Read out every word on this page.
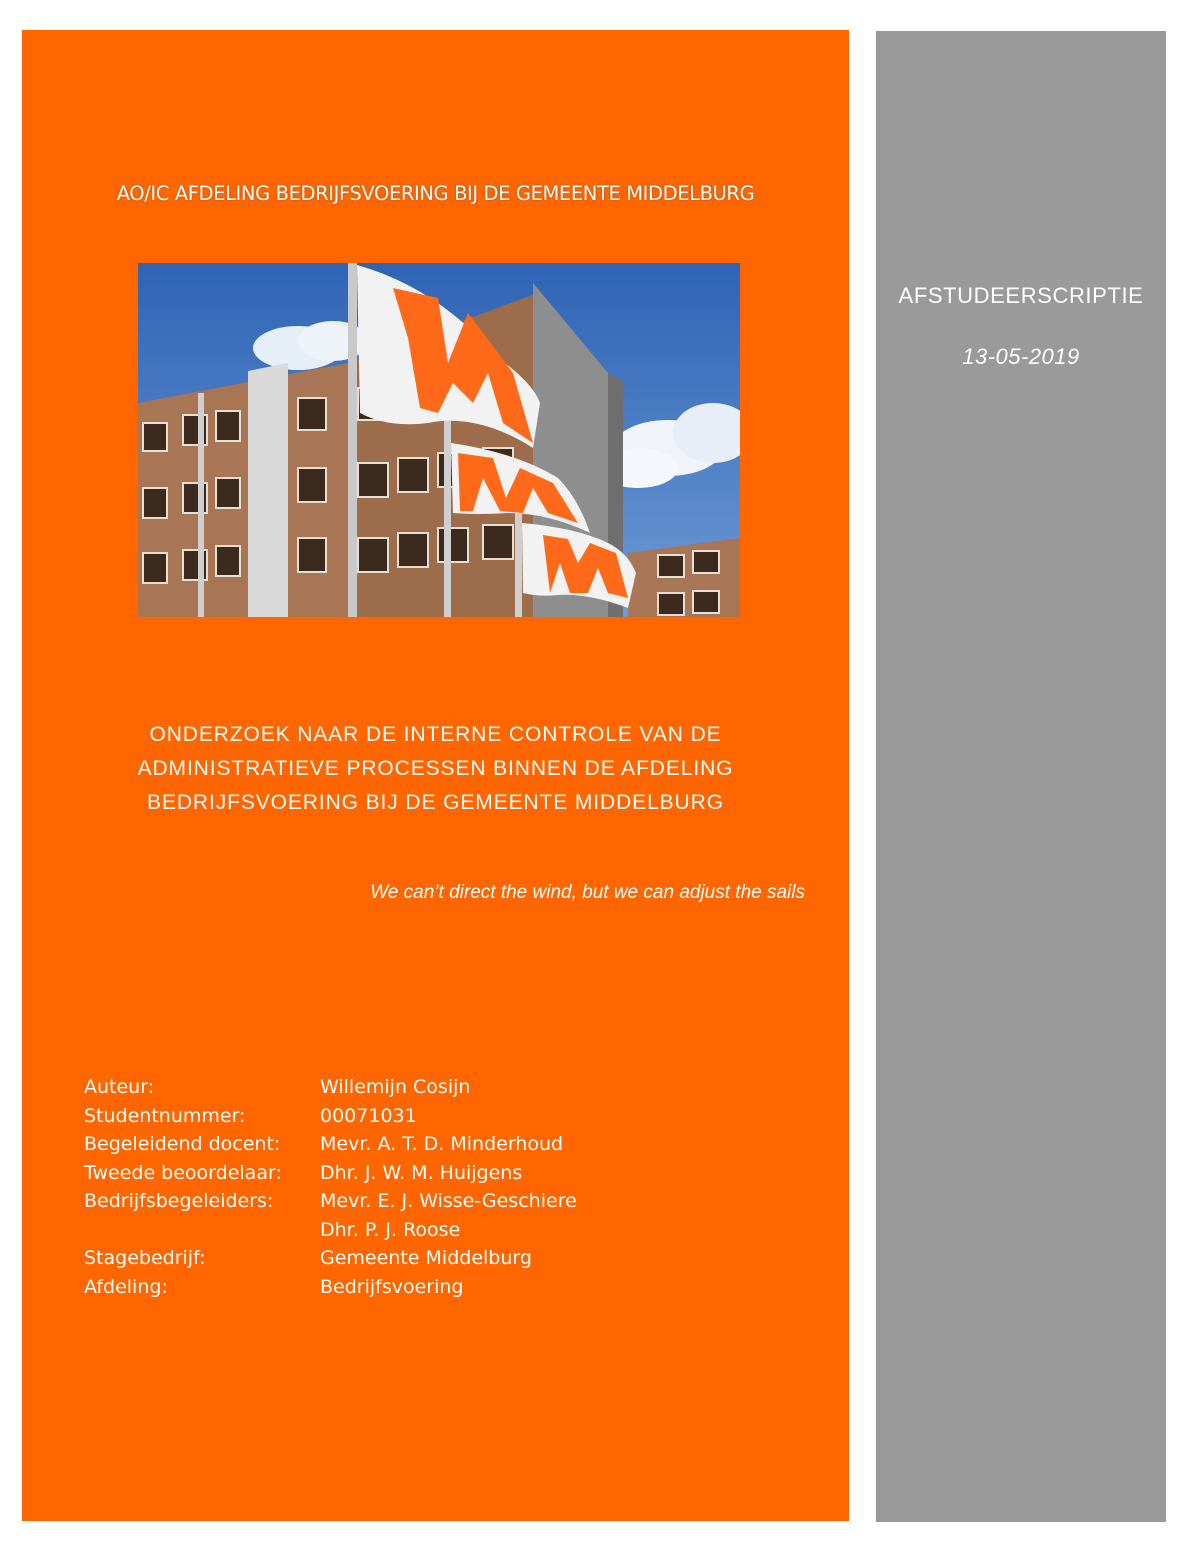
AO/IC AFDELING BEDRIJFSVOERING BIJ DE GEMEENTE MIDDELBURG
ONDERZOEK NAAR DE INTERNE CONTROLE VAN DE
ADMINISTRATIEVE PROCESSEN BINNEN DE AFDELING
BEDRIJFSVOERING BIJ DE GEMEENTE MIDDELBURG
We can’t direct the wind, but we can adjust the sails
Auteur:	Willemijn Cosijn
Studentnummer:	00071031
Begeleidend docent:	Mevr. A. T. D. Minderhoud
Tweede beoordelaar:	Dhr. J. W. M. Huijgens
Bedrijfsbegeleiders:	Mevr. E. J. Wisse-Geschiere
Dhr. P. J. Roose
Stagebedrijf:	Gemeente Middelburg
Afdeling:	Bedrijfsvoering
AFSTUDEERSCRIPTIE
13-05-2019
